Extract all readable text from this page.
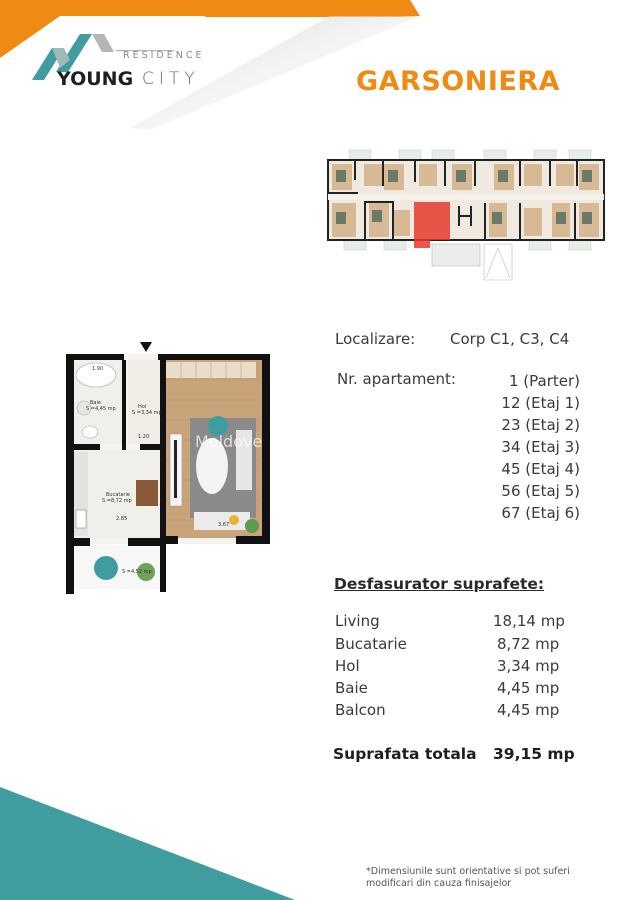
RESIDENCE
YOUNG CITY	GARSONIERA
Baie
S =4,45 mp	Hol
S =3,34 mp
Bucatarie
S =8,72 mp
S =4,52 mp
1.90
1.20
2.85
3.67
Moldove
Localizare: Corp C1, C3, C4
Nr. apartament:	1 (Parter)
12 (Etaj 1)
23 (Etaj 2)
34 (Etaj 3)
45 (Etaj 4)
56 (Etaj 5)
67 (Etaj 6)
Desfasurator suprafete:
Living	18,14 mp
Bucatarie	8,72 mp
Hol	3,34 mp
Baie	4,45 mp
Balcon	4,45 mp
Suprafata totala 39,15 mp
*Dimensiunile sunt orientative si pot suferi
modificari din cauza finisajelor
